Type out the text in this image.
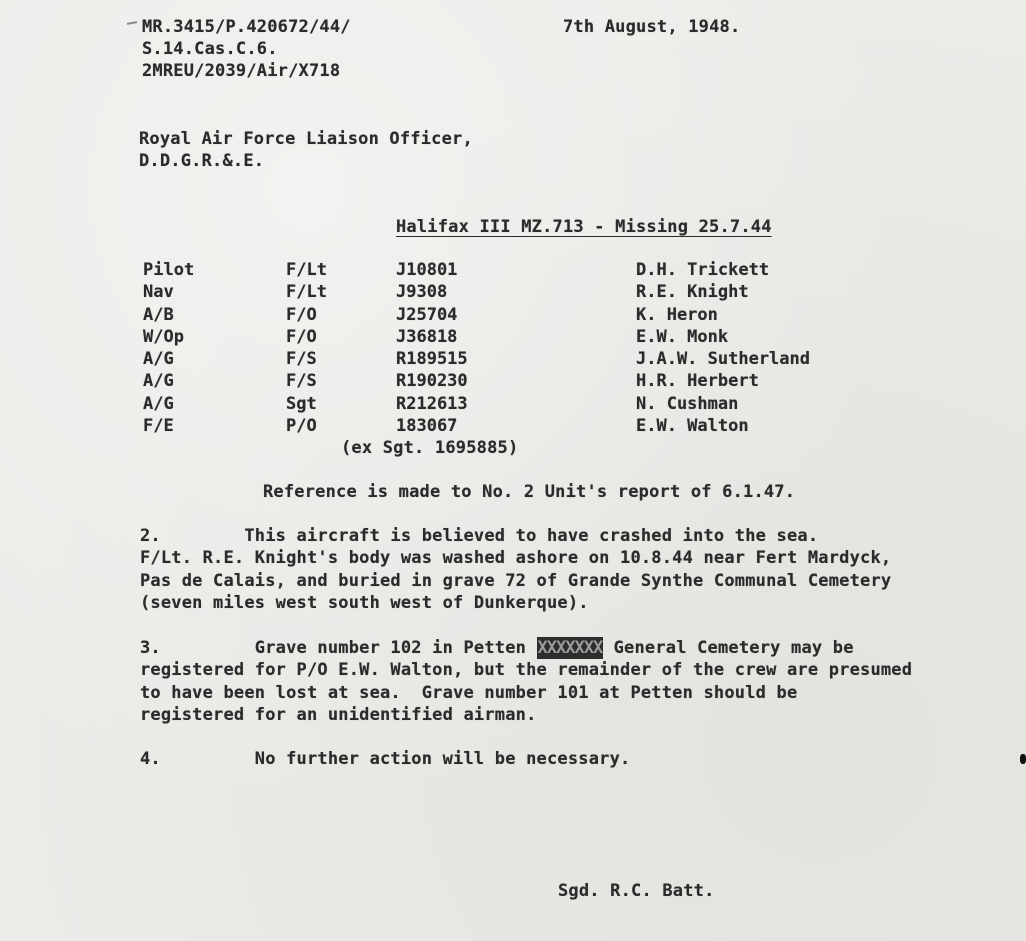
MR.3415/P.420672/44/
S.14.Cas.C.6.
2MREU/2039/Air/X718
7th August, 1948.
Royal Air Force Liaison Officer,
D.D.G.R.&.E.
Halifax III MZ.713 - Missing 25.7.44
Pilot
Nav
A/B
W/Op
A/G
A/G
A/G
F/E
F/Lt
F/Lt
F/O
F/O
F/S
F/S
Sgt
P/O
J10801
J9308
J25704
J36818
R189515
R190230
R212613
183067
D.H. Trickett
R.E. Knight
K. Heron
E.W. Monk
J.A.W. Sutherland
H.R. Herbert
N. Cushman
E.W. Walton
(ex Sgt. 1695885)
Reference is made to No. 2 Unit's report of 6.1.47.
2.        This aircraft is believed to have crashed into the sea.
F/Lt. R.E. Knight's body was washed ashore on 10.8.44 near Fert Mardyck,
Pas de Calais, and buried in grave 72 of Grande Synthe Communal Cemetery
(seven miles west south west of Dunkerque).
3.         Grave number 102 in Petten XXXXXXX General Cemetery may be
registered for P/O E.W. Walton, but the remainder of the crew are presumed
to have been lost at sea.  Grave number 101 at Petten should be
registered for an unidentified airman.
4.         No further action will be necessary.
Sgd. R.C. Batt.
